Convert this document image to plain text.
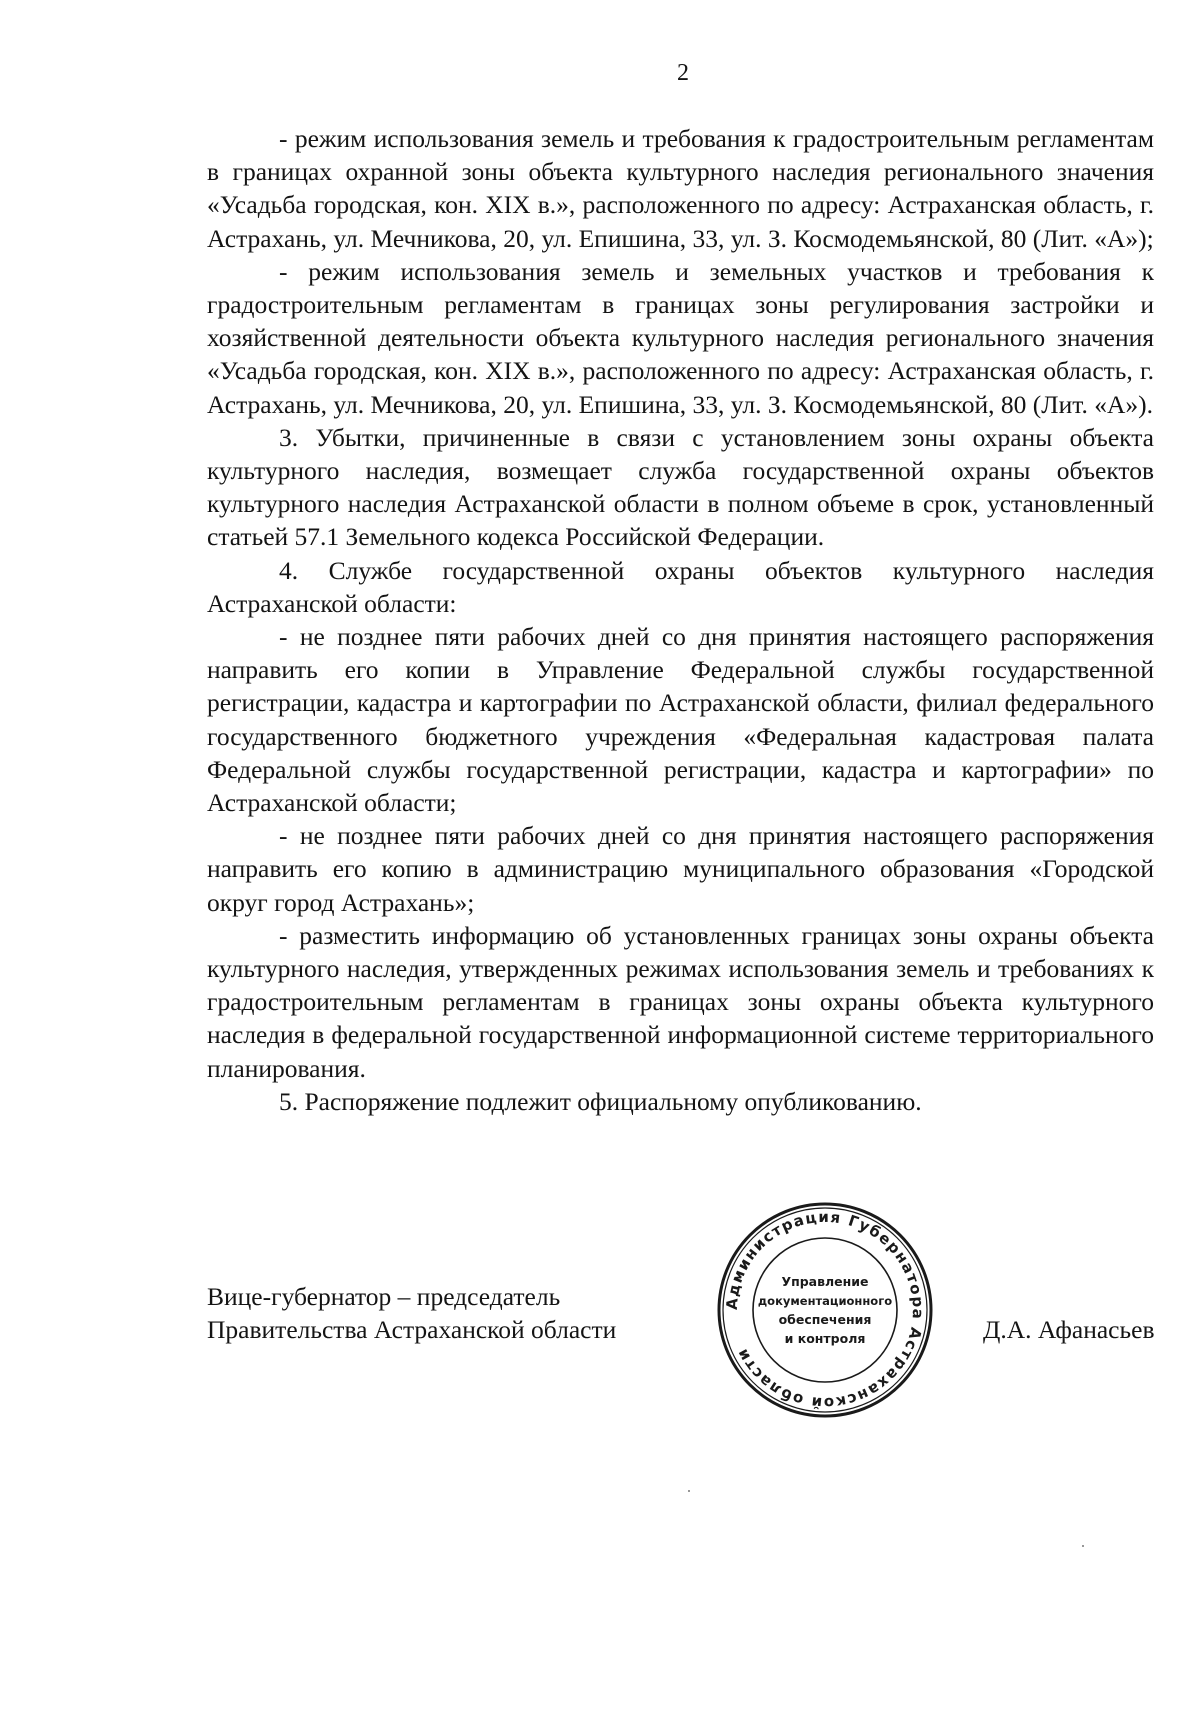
2

- режим использования земель и требования к градостроительным регламентам в границах охранной зоны объекта культурного наследия регионального значения «Усадьба городская, кон. XIX в.», расположенного по адресу: Астраханская область, г. Астрахань, ул. Мечникова, 20, ул. Епишина, 33, ул. З. Космодемьянской, 80 (Лит. «А»);

- режим использования земель и земельных участков и требования к градостроительным регламентам в границах зоны регулирования застройки и хозяйственной деятельности объекта культурного наследия регионального значения «Усадьба городская, кон. XIX в.», расположенного по адресу: Астраханская область, г. Астрахань, ул. Мечникова, 20, ул. Епишина, 33, ул. З. Космодемьянской, 80 (Лит. «А»).

3. Убытки, причиненные в связи с установлением зоны охраны объекта культурного наследия, возмещает служба государственной охраны объектов культурного наследия Астраханской области в полном объеме в срок, установленный статьей 57.1 Земельного кодекса Российской Федерации.

4. Службе государственной охраны объектов культурного наследия Астраханской области:

- не позднее пяти рабочих дней со дня принятия настоящего распоряжения направить его копии в Управление Федеральной службы государственной регистрации, кадастра и картографии по Астраханской области, филиал федерального государственного бюджетного учреждения «Федеральная кадастровая палата Федеральной службы государственной регистрации, кадастра и картографии» по Астраханской области;

- не позднее пяти рабочих дней со дня принятия настоящего распоряжения направить его копию в администрацию муниципального образования «Городской округ город Астрахань»;

- разместить информацию об установленных границах зоны охраны объекта культурного наследия, утвержденных режимах использования земель и требованиях к градостроительным регламентам в границах зоны охраны объекта культурного наследия в федеральной государственной информационной системе территориального планирования.

5. Распоряжение подлежит официальному опубликованию.

Вице-губернатор – председатель
Правительства Астраханской области	Д.А. Афанасьев
Администрация Губернатора Астраханской области
Управление
документационного
обеспечения
и контроля
